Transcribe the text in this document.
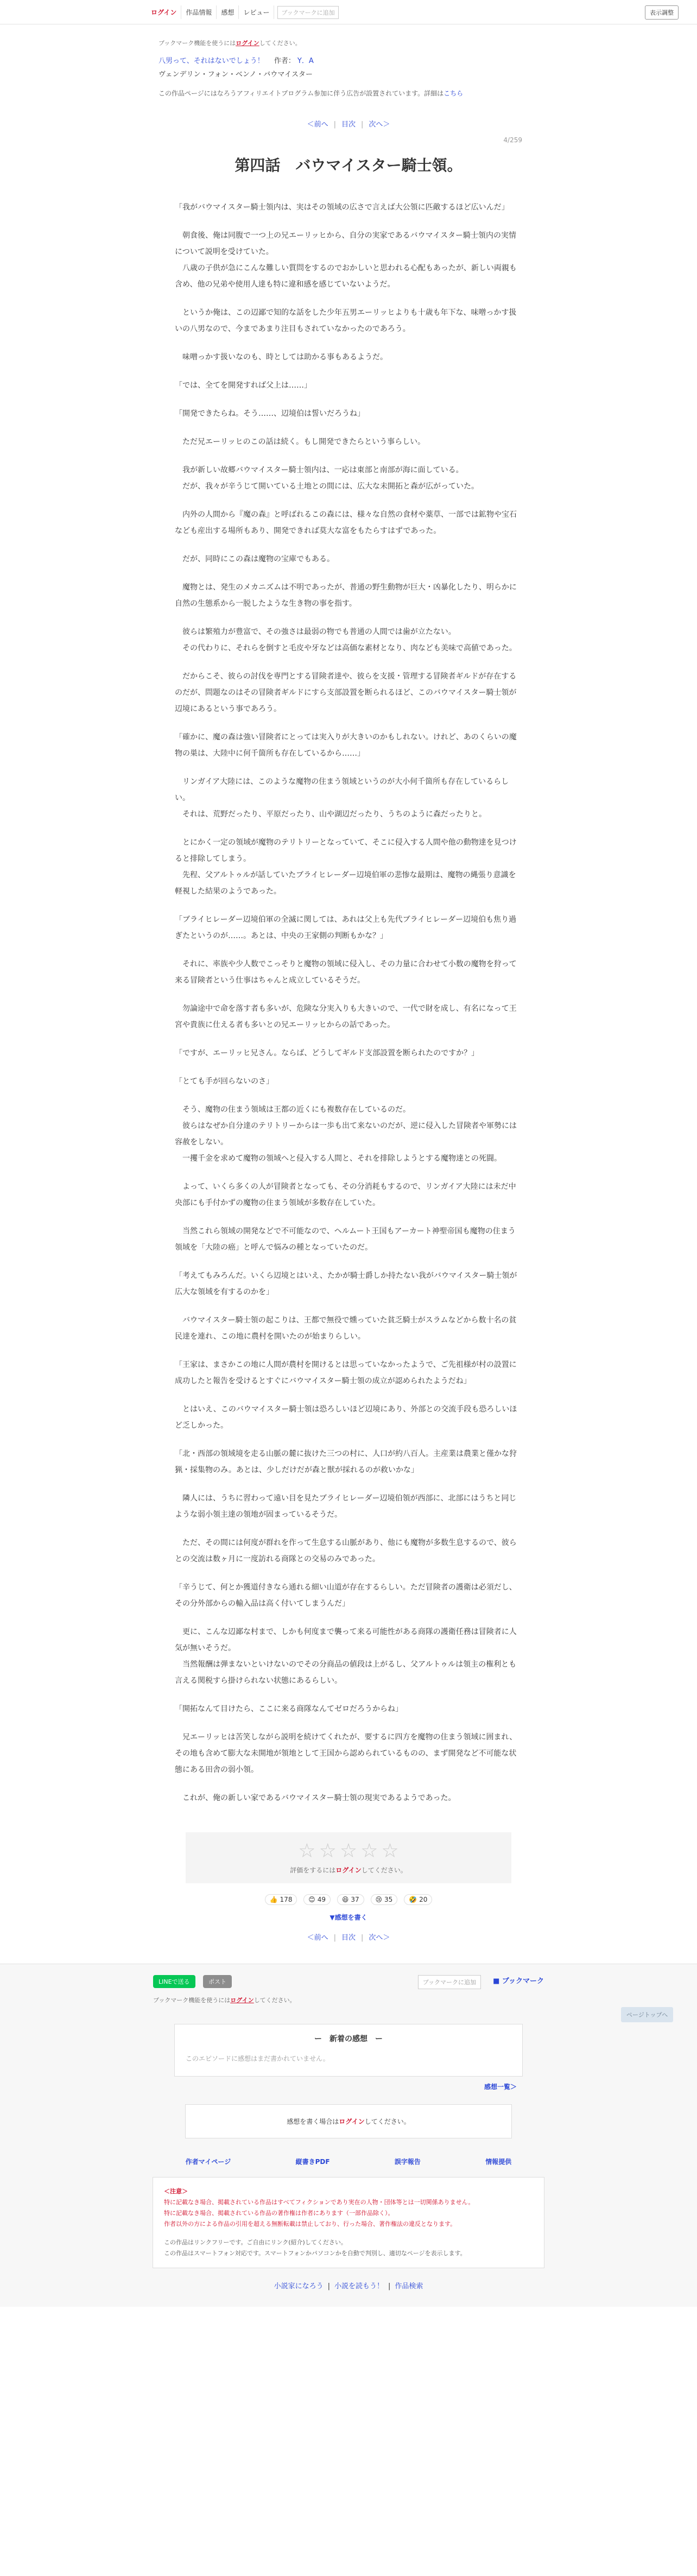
ログイン	作品情報	感想	レビュー	ブックマークに追加	表示調整
ブックマーク機能を使うにはログインしてください。
八男って、それはないでしょう！ 作者： Y．A
ヴェンデリン・フォン・ベンノ・バウマイスター
この作品ページにはなろうアフィリエイトプログラム参加に伴う広告が設置されています。詳細はこちら
＜前へ | 目次 | 次へ＞
4/259
第四話　バウマイスター騎士領。

「我がバウマイスター騎士領内は、実はその領域の広さで言えば大公領に匹敵するほど広いんだ」

　朝食後、俺は同腹で一つ上の兄エーリッヒから、自分の実家であるバウマイスター騎士領内の実情について説明を受けていた。

　八歳の子供が急にこんな難しい質問をするのでおかしいと思われる心配もあったが、新しい両親も含め、他の兄弟や使用人達も特に違和感を感じていないようだ。

　というか俺は、この辺鄙で知的な話をした少年五男エーリッヒよりも十歳も年下な、味噌っかす扱いの八男なので、今まであまり注目もされていなかったのであろう。

　味噌っかす扱いなのも、時としては助かる事もあるようだ。

「では、全てを開発すれば父上は……」

「開発できたらね。そう……、辺境伯は誓いだろうね」

　ただ兄エーリッヒのこの話は続く。もし開発できたらという事らしい。

　我が新しい故郷バウマイスター騎士領内は、一応は東部と南部が海に面している。

　だが、我々が辛うじて開いている土地との間には、広大な未開拓と森が広がっていた。

　内外の人間から『魔の森』と呼ばれるこの森には、様々な自然の食材や薬草、一部では鉱物や宝石なども産出する場所もあり、開発できれば莫大な富をもたらすはずであった。

　だが、同時にこの森は魔物の宝庫でもある。

　魔物とは、発生のメカニズムは不明であったが、普通の野生動物が巨大・凶暴化したり、明らかに自然の生態系から一脱したような生き物の事を指す。

　彼らは繁殖力が豊富で、その強さは最弱の物でも普通の人間では歯が立たない。

　その代わりに、それらを倒すと毛皮や牙などは高価な素材となり、肉なども美味で高値であった。

　だからこそ、彼らの討伐を専門とする冒険者達や、彼らを支援・管理する冒険者ギルドが存在するのだが、問題なのはその冒険者ギルドにすら支部設置を断られるほど、このバウマイスター騎士領が辺境にあるという事であろう。

「確かに、魔の森は強い冒険者にとっては実入りが大きいのかもしれない。けれど、あのくらいの魔物の巣は、大陸中に何千箇所も存在しているから……」

　リンガイア大陸には、このような魔物の住まう領域というのが大小何千箇所も存在しているらしい。

　それは、荒野だったり、平原だったり、山や湖辺だったり、うちのように森だったりと。

　とにかく一定の領域が魔物のテリトリーとなっていて、そこに侵入する人間や他の動物達を見つけると排除してしまう。

　先程、父アルトゥルが話していたブライヒレーダー辺境伯軍の悲惨な最期は、魔物の縄張り意識を軽視した結果のようであった。

「ブライヒレーダー辺境伯軍の全滅に関しては、あれは父上も先代ブライヒレーダー辺境伯も焦り過ぎたというのが……。あとは、中央の王家側の判断もかな？」

　それに、率族や少人数でこっそりと魔物の領域に侵入し、その力量に合わせて小数の魔物を狩って来る冒険者という仕事はちゃんと成立しているそうだ。

　勿論途中で命を落す者も多いが、危険な分実入りも大きいので、一代で財を成し、有名になって王宮や貴族に仕える者も多いとの兄エーリッヒからの話であった。

「ですが、エーリッヒ兄さん。ならば、どうしてギルド支部設置を断られたのですか？」

「とても手が回らないのさ」

　そう、魔物の住まう領域は王都の近くにも複数存在しているのだ。

　彼らはなぜか自分達のテリトリーからは一歩も出て来ないのだが、逆に侵入した冒険者や軍勢には容赦をしない。

　一攫千金を求めて魔物の領域へと侵入する人間と、それを排除しようとする魔物達との死闘。

　よって、いくら多くの人が冒険者となっても、その分消耗もするので、リンガイア大陸には未だ中央部にも手付かずの魔物の住まう領域が多数存在していた。

　当然これら領域の開発などで不可能なので、ヘルムート王国もアーカート神聖帝国も魔物の住まう領域を「大陸の癌」と呼んで悩みの種となっていたのだ。

「考えてもみろんだ。いくら辺境とはいえ、たかが騎士爵しか持たない我がバウマイスター騎士領が広大な領域を有するのかを」

　バウマイスター騎士領の起こりは、王都で無役で燻っていた貧乏騎士がスラムなどから数十名の貧民達を連れ、この地に農村を開いたのが始まりらしい。

「王家は、まさかこの地に人間が農村を開けるとは思っていなかったようで、ご先祖様が村の設置に成功したと報告を受けるとすぐにバウマイスター騎士領の成立が認められたようだね」

　とはいえ、このバウマイスター騎士領は恐ろしいほど辺境にあり、外部との交流手段も恐ろしいほど乏しかった。

「北・西部の領域境を走る山脈の麓に抜けた三つの村に、人口が約八百人。主産業は農業と僅かな狩猟・採集物のみ。あとは、少しだけだが森と獣が採れるのが救いかな」

　隣人には、うちに習わって遠い目を見たブライヒレーダー辺境伯領が西部に、北部にはうちと同じような弱小領主達の領地が固まっているそうだ。

　ただ、その間には何度が群れを作って生息する山脈があり、他にも魔物が多数生息するので、彼らとの交流は数ヶ月に一度訪れる商隊との交易のみであった。

「辛うじて、何とか獲道付きなら通れる細い山道が存在するらしい。ただ冒険者の護衛は必須だし、その分外部からの輸入品は高く付いてしまうんだ」

　更に、こんな辺鄙な村まで、しかも何度まで襲って来る可能性がある商隊の護衛任務は冒険者に人気が無いそうだ。

　当然報酬は弾まないといけないのでその分商品の値段は上がるし、父アルトゥルは領主の権利とも言える関税すら掛けられない状態にあるらしい。

「開拓なんて目けたら、ここに来る商隊なんてゼロだろうからね」

　兄エーリッヒは苦笑しながら説明を続けてくれたが、要するに四方を魔物の住まう領域に囲まれ、その地も含めて膨大な未開地が領地として王国から認められているものの、まず開発など不可能な状態にある田舎の弱小領。

　これが、俺の新しい家であるバウマイスター騎士領の現実であるようであった。

☆ ☆ ☆ ☆ ☆
評価をするにはログインしてください。
👍 178 😊 49 😆 37 😢 35 🤣 20
▼感想を書く
＜前へ | 目次 | 次へ＞
LINEで送る	ポスト	ブックマークに追加	■ ブックマーク
ブックマーク機能を使うにはログインしてください。
ー　新着の感想　ー
このエピソードに感想はまだ書かれていません。
感想一覧＞
感想を書く場合はログインしてください。
作者マイページ	縦書きPDF	誤字報告	情報提供
＜注意＞
特に記載なき場合、掲載されている作品はすべてフィクションであり実在の人物・団体等とは一切関係ありません。
特に記載なき場合、掲載されている作品の著作権は作者にあります（一部作品除く）。
作者以外の方による作品の引用を超える無断転載は禁止しており、行った場合、著作権法の違反となります。
この作品はリンクフリーです。ご自由にリンク(紹介)してください。
この作品はスマートフォン対応です。スマートフォンかパソコンかを自動で判別し、適切なページを表示します。
小説家になろう | 小説を読もう！ | 作品検索
ページトップへ
